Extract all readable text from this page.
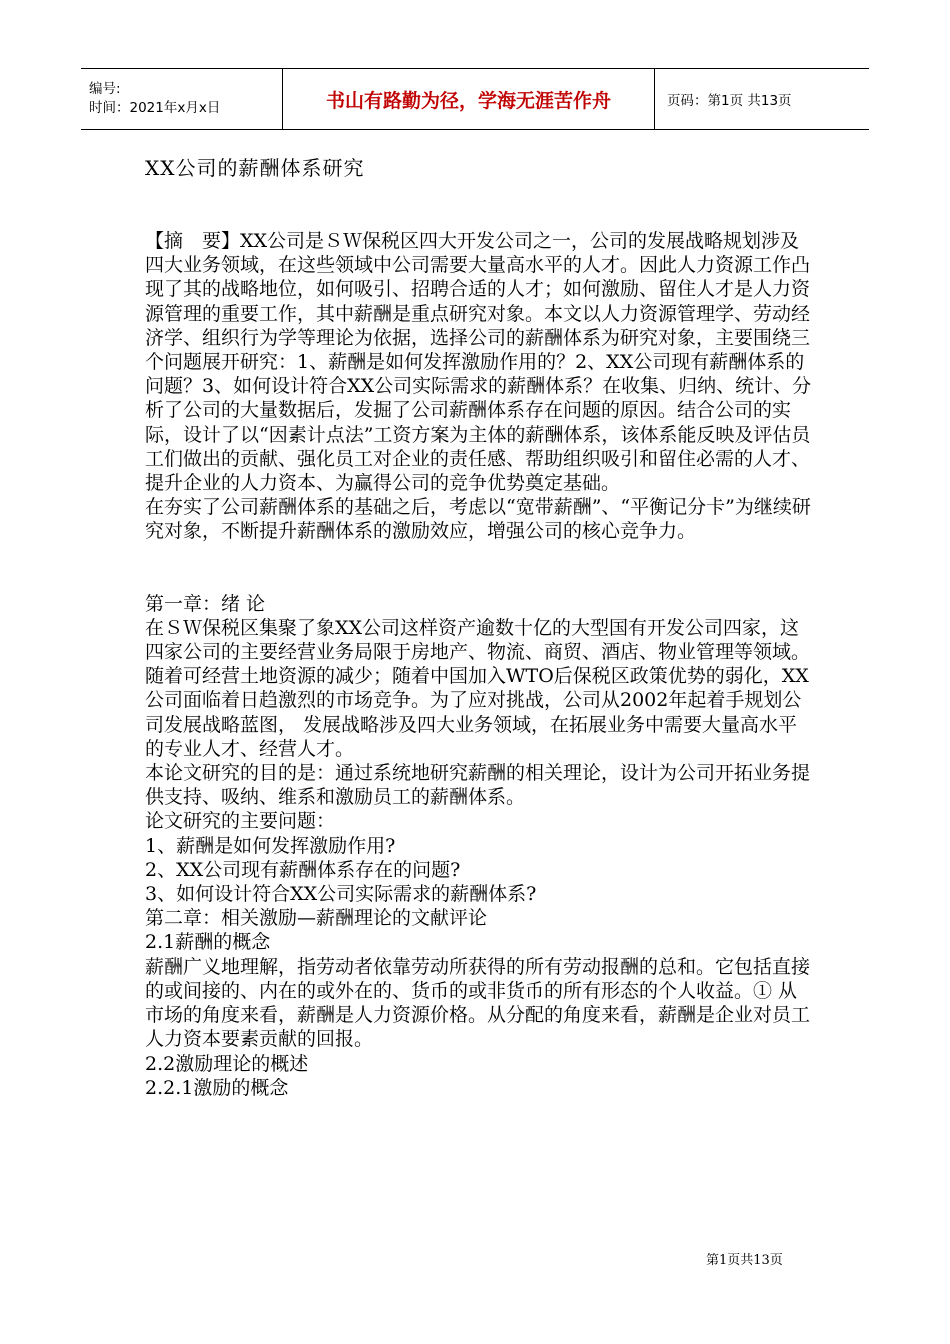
编号:
时间：2021年x月x日	书山有路勤为径，学海无涯苦作舟	页码：第1页 共13页
XX公司的薪酬体系研究

【摘　要】XX公司是ＳＷ保税区四大开发公司之一，公司的发展战略规划涉及四大业务领域，在这些领域中公司需要大量高水平的人才。因此人力资源工作凸现了其的战略地位，如何吸引、招聘合适的人才；如何激励、留住人才是人力资源管理的重要工作，其中薪酬是重点研究对象。本文以人力资源管理学、劳动经济学、组织行为学等理论为依据，选择公司的薪酬体系为研究对象，主要围绕三个问题展开研究：1、薪酬是如何发挥激励作用的？2、XX公司现有薪酬体系的问题？3、如何设计符合XX公司实际需求的薪酬体系？在收集、归纳、统计、分析了公司的大量数据后，发掘了公司薪酬体系存在问题的原因。结合公司的实际，设计了以“因素计点法”工资方案为主体的薪酬体系，该体系能反映及评估员工们做出的贡献、强化员工对企业的责任感、帮助组织吸引和留住必需的人才、提升企业的人力资本、为赢得公司的竞争优势奠定基础。

在夯实了公司薪酬体系的基础之后，考虑以“宽带薪酬”、“平衡记分卡”为继续研究对象，不断提升薪酬体系的激励效应，增强公司的核心竞争力。

第一章：绪 论

在ＳＷ保税区集聚了象XX公司这样资产逾数十亿的大型国有开发公司四家，这四家公司的主要经营业务局限于房地产、物流、商贸、酒店、物业管理等领域。随着可经营土地资源的减少；随着中国加入WTO后保税区政策优势的弱化，XX公司面临着日趋激烈的市场竞争。为了应对挑战，公司从2002年起着手规划公司发展战略蓝图， 发展战略涉及四大业务领域，在拓展业务中需要大量高水平的专业人才、经营人才。

本论文研究的目的是：通过系统地研究薪酬的相关理论，设计为公司开拓业务提供支持、吸纳、维系和激励员工的薪酬体系。

论文研究的主要问题：

1、薪酬是如何发挥激励作用?

2、XX公司现有薪酬体系存在的问题?

3、如何设计符合XX公司实际需求的薪酬体系?

第二章：相关激励—薪酬理论的文献评论

2.1薪酬的概念

薪酬广义地理解，指劳动者依靠劳动所获得的所有劳动报酬的总和。它包括直接的或间接的、内在的或外在的、货币的或非货币的所有形态的个人收益。① 从市场的角度来看，薪酬是人力资源价格。从分配的角度来看，薪酬是企业对员工人力资本要素贡献的回报。

2.2激励理论的概述

2.2.1激励的概念

第1页共13页
